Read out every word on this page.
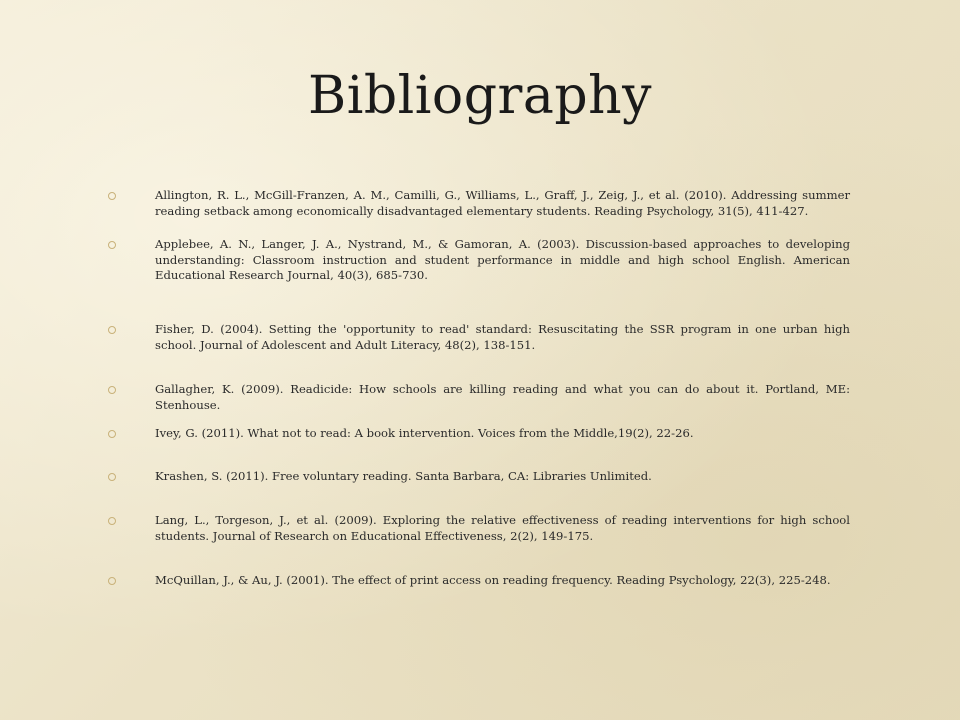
Bibliography

Allington, R. L., McGill-Franzen, A. M., Camilli, G., Williams, L., Graff, J., Zeig, J., et al. (2010). Addressing summer reading setback among economically disadvantaged elementary students. Reading Psychology, 31(5), 411-427.

Applebee, A. N., Langer, J. A., Nystrand, M., & Gamoran, A. (2003). Discussion-based approaches to developing understanding: Classroom instruction and student performance in middle and high school English. American Educational Research Journal, 40(3), 685-730.

Fisher, D. (2004). Setting the 'opportunity to read' standard: Resuscitating the SSR program in one urban high school. Journal of Adolescent and Adult Literacy, 48(2), 138-151.

Gallagher, K. (2009). Readicide: How schools are killing reading and what you can do about it. Portland, ME: Stenhouse.

Ivey, G. (2011). What not to read: A book intervention. Voices from the Middle,19(2), 22-26.

Krashen, S. (2011). Free voluntary reading. Santa Barbara, CA: Libraries Unlimited.

Lang, L., Torgeson, J., et al. (2009). Exploring the relative effectiveness of reading interventions for high school students. Journal of Research on Educational Effectiveness, 2(2), 149-175.

McQuillan, J., & Au, J. (2001). The effect of print access on reading frequency. Reading Psychology, 22(3), 225-248.
